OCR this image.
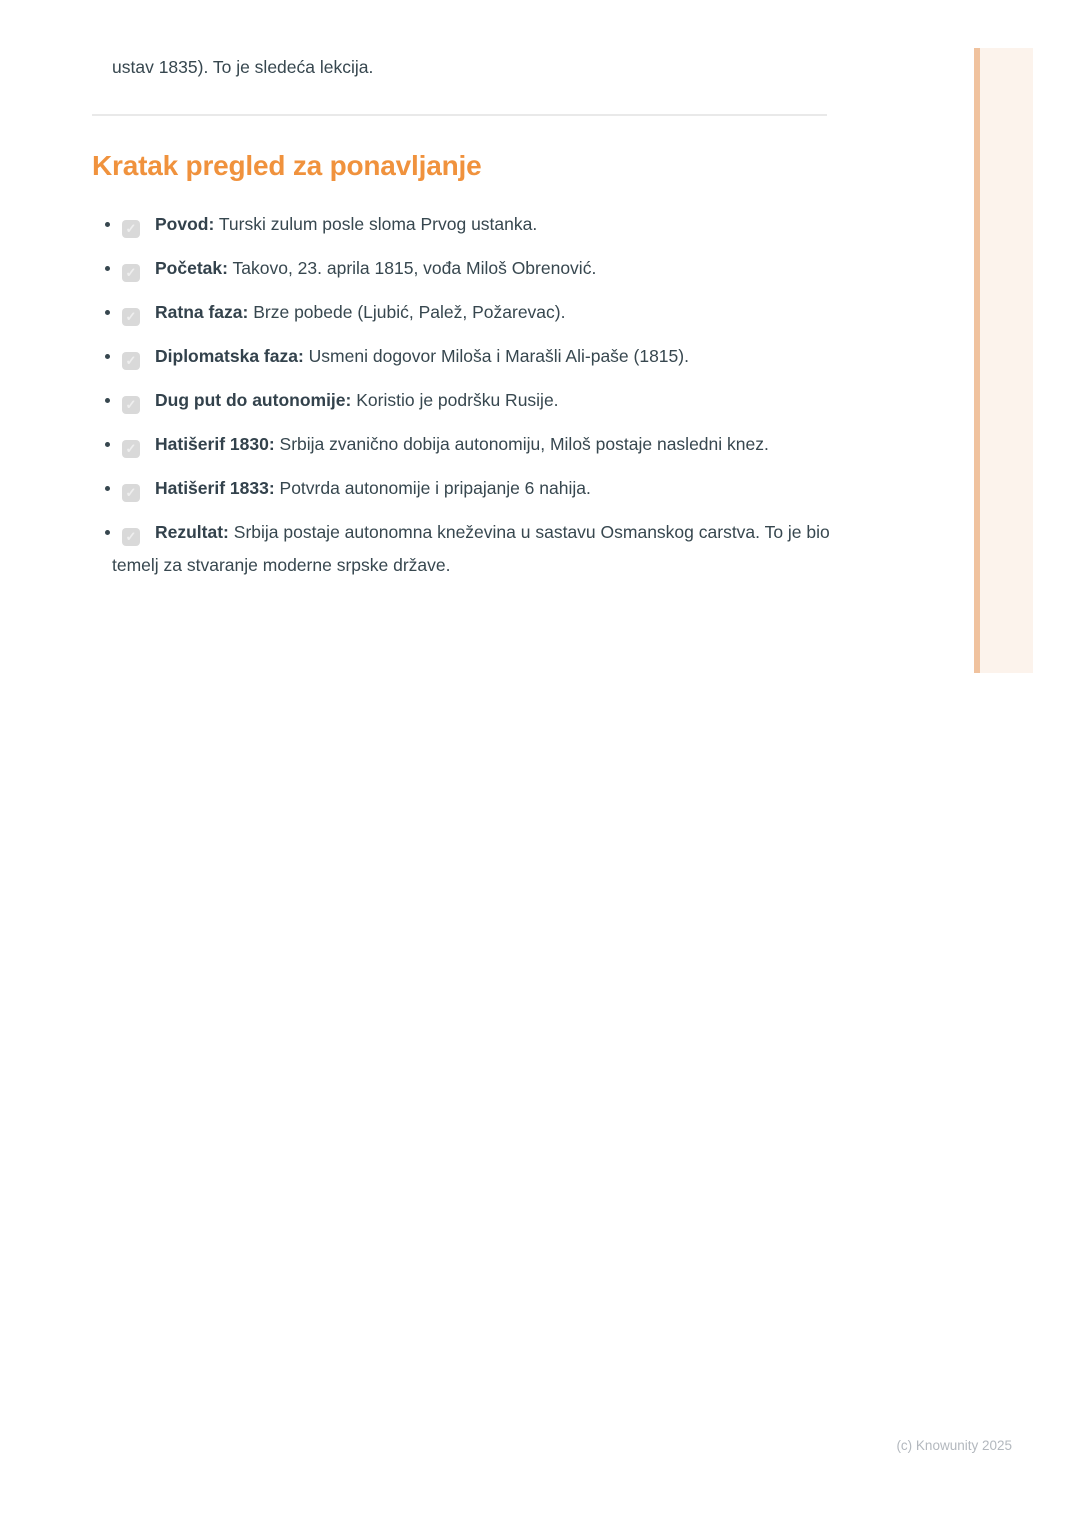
ustav 1835). To je sledeća lekcija.

Kratak pregled za ponavljanje
✓ Povod: Turski zulum posle sloma Prvog ustanka.
✓ Početak: Takovo, 23. aprila 1815, vođa Miloš Obrenović.
✓ Ratna faza: Brze pobede (Ljubić, Palež, Požarevac).
✓ Diplomatska faza: Usmeni dogovor Miloša i Marašli Ali-paše (1815).
✓ Dug put do autonomije: Koristio je podršku Rusije.
✓ Hatišerif 1830: Srbija zvanično dobija autonomiju, Miloš postaje nasledni knez.
✓ Hatišerif 1833: Potvrda autonomije i pripajanje 6 nahija.
✓ Rezultat: Srbija postaje autonomna kneževina u sastavu Osmanskog carstva. To je bio temelj za stvaranje moderne srpske države.
(c) Knowunity 2025
